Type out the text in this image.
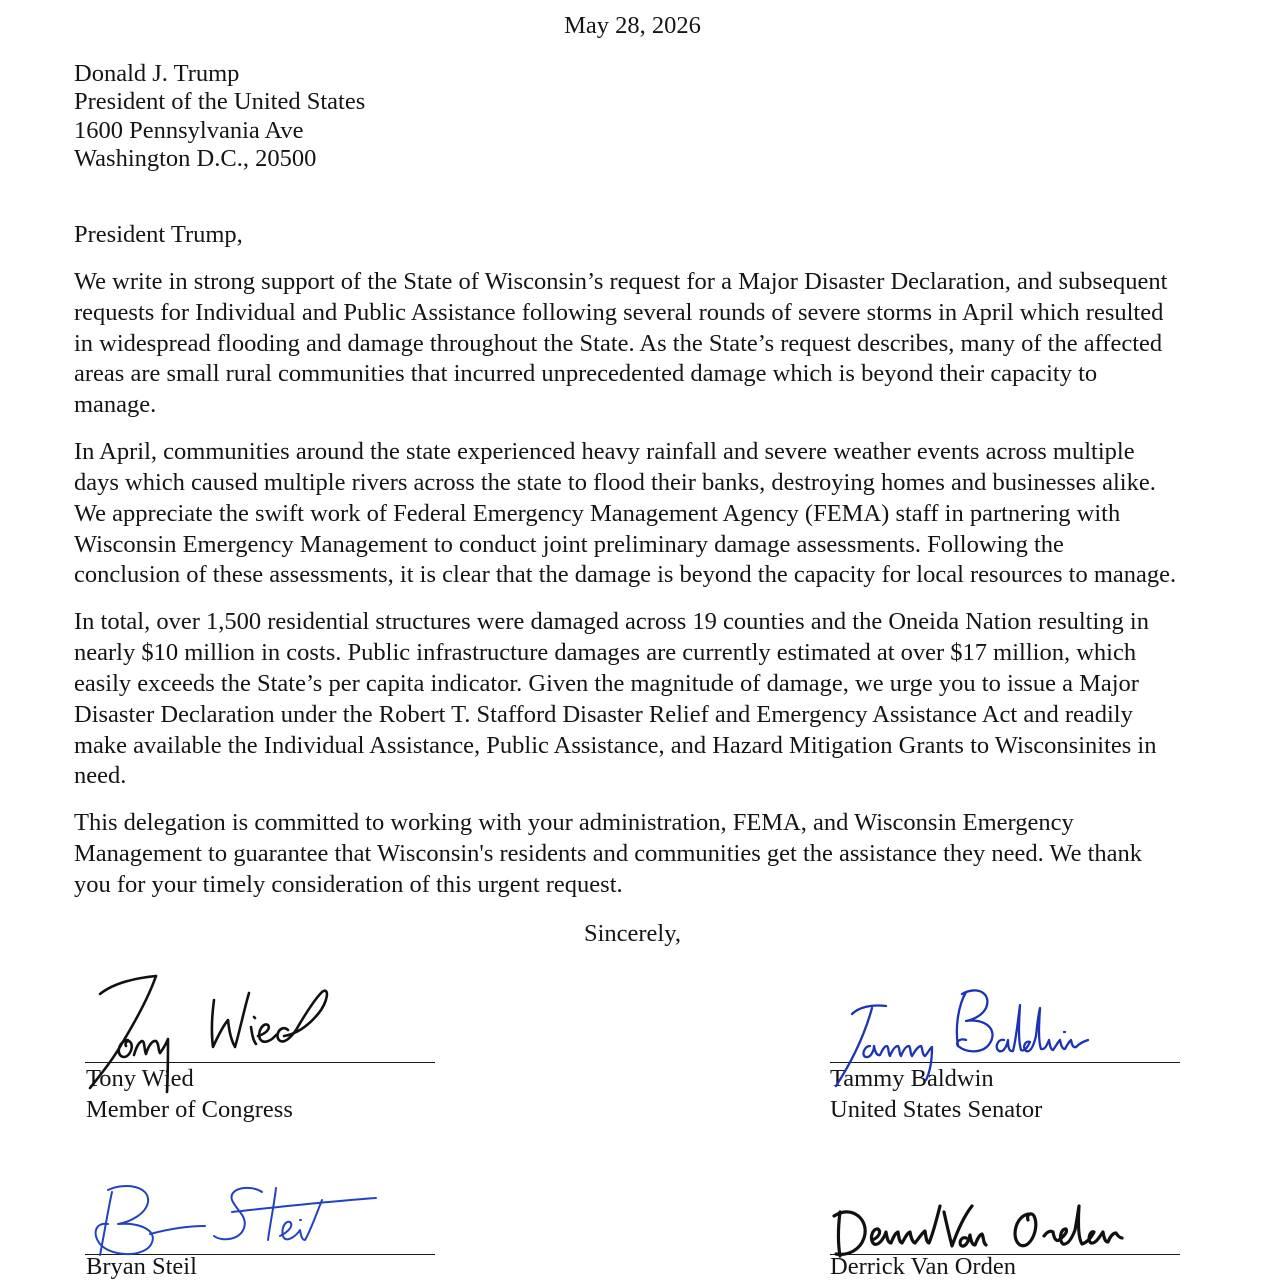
May 28, 2026
Donald J. Trump
President of the United States
1600 Pennsylvania Ave
Washington D.C., 20500
President Trump,

We write in strong support of the State of Wisconsin’s request for a Major Disaster Declaration, and subsequent
requests for Individual and Public Assistance following several rounds of severe storms in April which resulted
in widespread flooding and damage throughout the State. As the State’s request describes, many of the affected
areas are small rural communities that incurred unprecedented damage which is beyond their capacity to
manage.

In April, communities around the state experienced heavy rainfall and severe weather events across multiple
days which caused multiple rivers across the state to flood their banks, destroying homes and businesses alike.
We appreciate the swift work of Federal Emergency Management Agency (FEMA) staff in partnering with
Wisconsin Emergency Management to conduct joint preliminary damage assessments. Following the
conclusion of these assessments, it is clear that the damage is beyond the capacity for local resources to manage.

In total, over 1,500 residential structures were damaged across 19 counties and the Oneida Nation resulting in
nearly $10 million in costs. Public infrastructure damages are currently estimated at over $17 million, which
easily exceeds the State’s per capita indicator. Given the magnitude of damage, we urge you to issue a Major
Disaster Declaration under the Robert T. Stafford Disaster Relief and Emergency Assistance Act and readily
make available the Individual Assistance, Public Assistance, and Hazard Mitigation Grants to Wisconsinites in
need.

This delegation is committed to working with your administration, FEMA, and Wisconsin Emergency
Management to guarantee that Wisconsin's residents and communities get the assistance they need. We thank
you for your timely consideration of this urgent request.

Sincerely,
Tony Wied
Member of Congress
Tammy Baldwin
United States Senator
Bryan Steil	Derrick Van Orden
